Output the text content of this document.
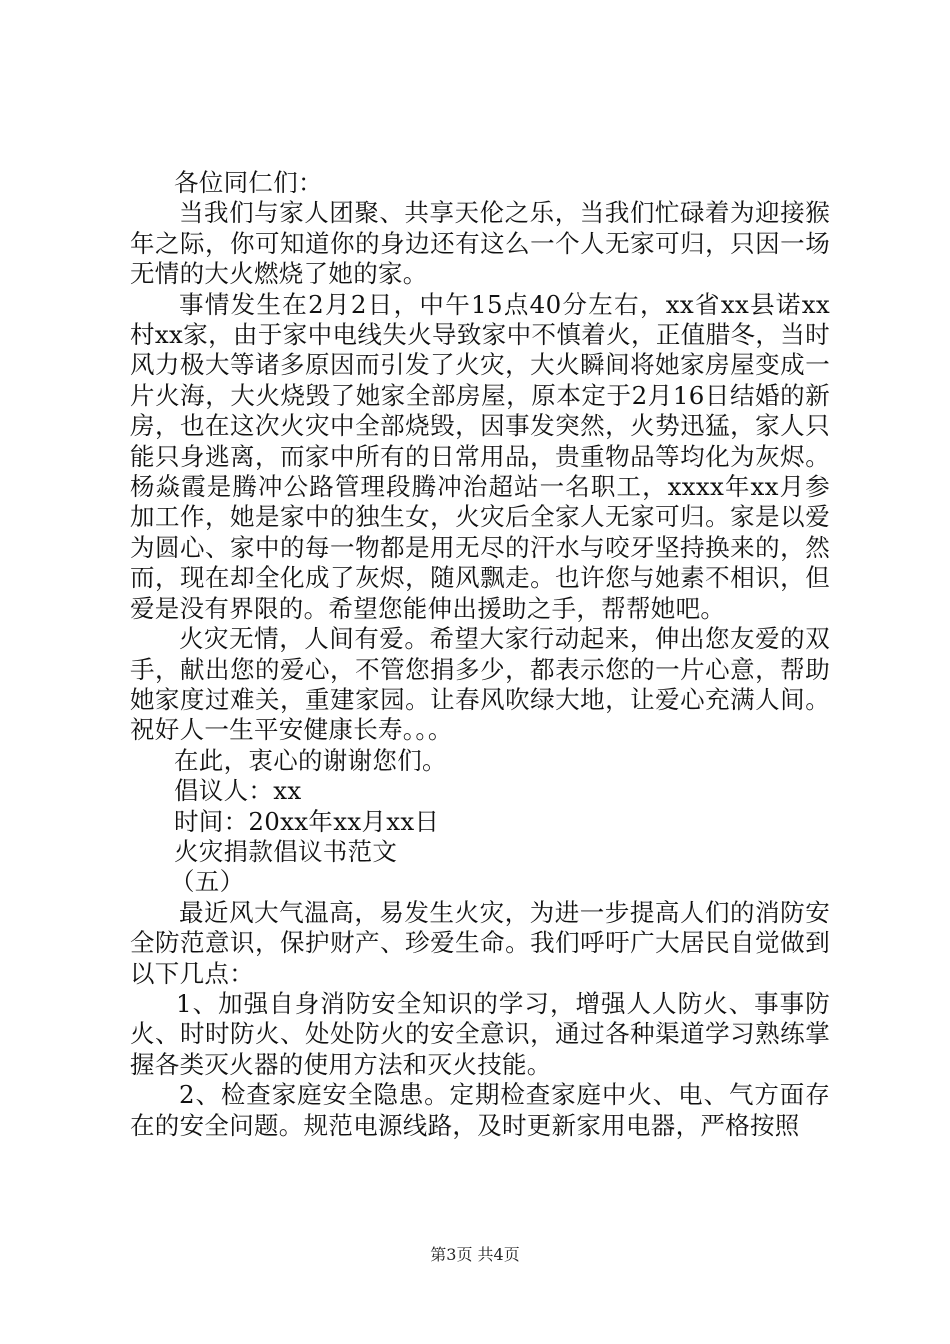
各位同仁们：

当我们与家人团聚、共享天伦之乐，当我们忙碌着为迎接猴年之际，你可知道你的身边还有这么一个人无家可归，只因一场无情的大火燃烧了她的家。

事情发生在2月2日，中午15点40分左右，xx省xx县诺xx村xx家，由于家中电线失火导致家中不慎着火，正值腊冬，当时风力极大等诸多原因而引发了火灾，大火瞬间将她家房屋变成一片火海，大火烧毁了她家全部房屋，原本定于2月16日结婚的新房，也在这次火灾中全部烧毁，因事发突然，火势迅猛，家人只能只身逃离，而家中所有的日常用品，贵重物品等均化为灰烬。杨焱霞是腾冲公路管理段腾冲治超站一名职工，xxxx年xx月参加工作，她是家中的独生女，火灾后全家人无家可归。家是以爱为圆心、家中的每一物都是用无尽的汗水与咬牙坚持换来的，然而，现在却全化成了灰烬，随风飘走。也许您与她素不相识，但爱是没有界限的。希望您能伸出援助之手，帮帮她吧。

火灾无情，人间有爱。希望大家行动起来，伸出您友爱的双手，献出您的爱心，不管您捐多少，都表示您的一片心意，帮助她家度过难关，重建家园。让春风吹绿大地，让爱心充满人间。祝好人一生平安健康长寿。。。

在此，衷心的谢谢您们。

倡议人：xx

时间：20xx年xx月xx日

火灾捐款倡议书范文

（五）

最近风大气温高，易发生火灾，为进一步提高人们的消防安全防范意识，保护财产、珍爱生命。我们呼吁广大居民自觉做到以下几点：

1、加强自身消防安全知识的学习，增强人人防火、事事防火、时时防火、处处防火的安全意识，通过各种渠道学习熟练掌握各类灭火器的使用方法和灭火技能。

2、检查家庭安全隐患。定期检查家庭中火、电、气方面存在的安全问题。规范电源线路，及时更新家用电器，严格按照

第3页 共4页
